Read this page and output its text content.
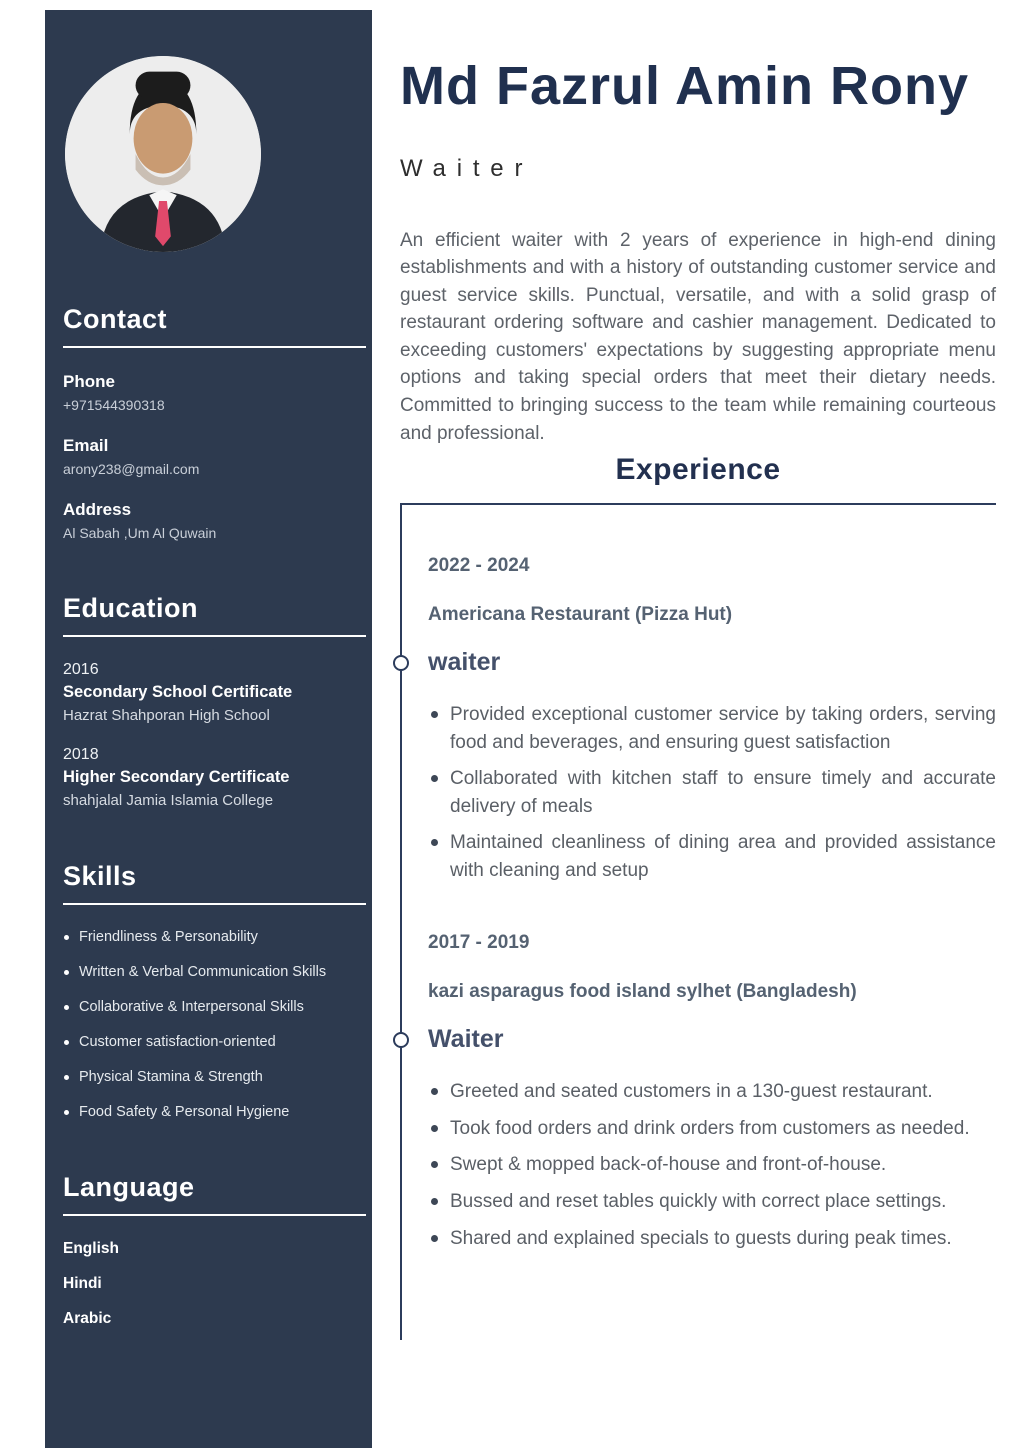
Contact
Phone
+971544390318
Email
arony238@gmail.com
Address
Al Sabah ,Um Al Quwain
Education
2016
Secondary School Certificate
Hazrat Shahporan High School
2018
Higher Secondary Certificate
shahjalal Jamia Islamia College
Skills
Friendliness & Personability
Written & Verbal Communication Skills
Collaborative & Interpersonal Skills
Customer satisfaction-oriented
Physical Stamina & Strength
Food Safety & Personal Hygiene
Language
English
Hindi
Arabic
Md Fazrul Amin Rony
Waiter

An efficient waiter with 2 years of experience in high-end dining establishments and with a history of outstanding customer service and guest service skills. Punctual, versatile, and with a solid grasp of restaurant ordering software and cashier management. Dedicated to exceeding customers' expectations by suggesting appropriate menu options and taking special orders that meet their dietary needs. Committed to bringing success to the team while remaining courteous and professional.

Experience
2022 - 2024
Americana Restaurant (Pizza Hut)
waiter
Provided exceptional customer service by taking orders, serving food and beverages, and ensuring guest satisfaction
Collaborated with kitchen staff to ensure timely and accurate delivery of meals
Maintained cleanliness of dining area and provided assistance with cleaning and setup
2017 - 2019
kazi asparagus food island sylhet (Bangladesh)
Waiter
Greeted and seated customers in a 130-guest restaurant.
Took food orders and drink orders from customers as needed.
Swept & mopped back-of-house and front-of-house.
Bussed and reset tables quickly with correct place settings.
Shared and explained specials to guests during peak times.
